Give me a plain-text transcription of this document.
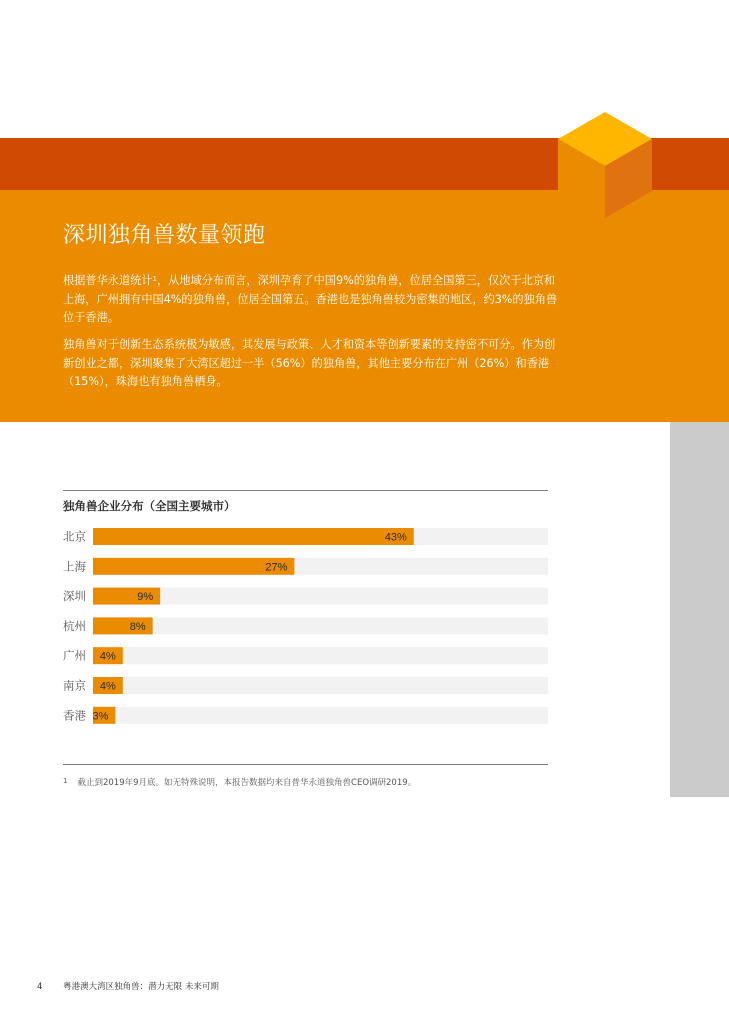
深圳独角兽数量领跑

根据普华永道统计$^1$，从地域分布而言，深圳孕育了中国9%的独角兽，位居全国第三，仅次于北京和上海，广州拥有中国4%的独角兽，位居全国第五。香港也是独角兽较为密集的地区，约3%的独角兽位于香港。

独角兽对于创新生态系统极为敏感，其发展与政策、人才和资本等创新要素的支持密不可分。作为创新创业之都，深圳聚集了大湾区超过一半（56%）的独角兽，其他主要分布在广州（26%）和香港（15%），珠海也有独角兽栖身。

独角兽企业分布（全国主要城市）
北京	43%
上海	27%
深圳	9%
杭州	8%
广州 4%
南京 4%
香港 3%

$^1$ 截止到2019年9月底。如无特殊说明，本报告数据均来自普华永道独角兽CEO调研2019。

4 粤港澳大湾区独角兽：潜力无限 未来可期
